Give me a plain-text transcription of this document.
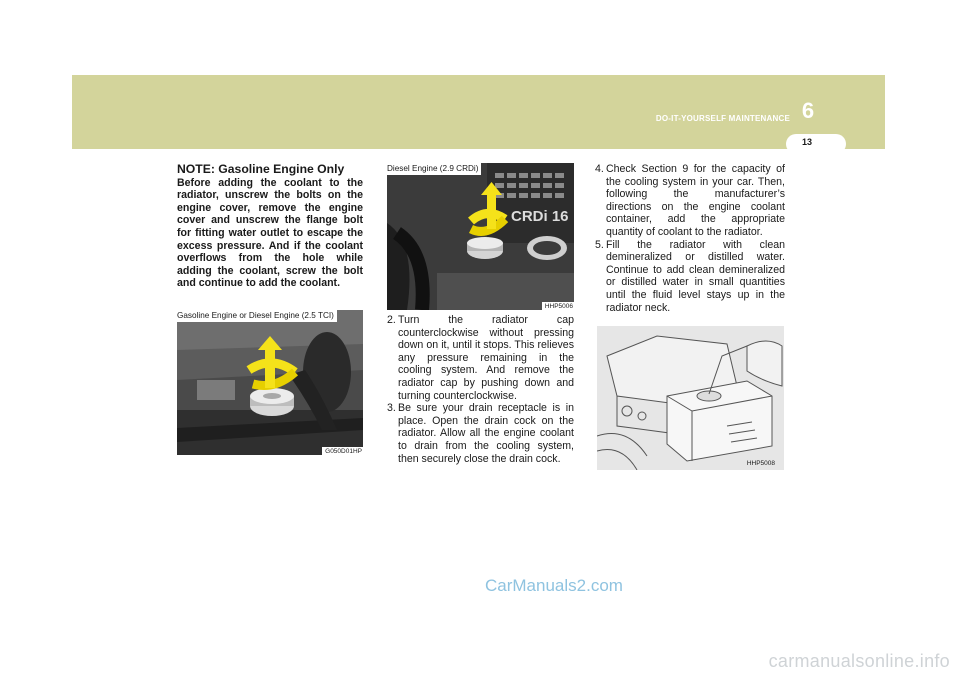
DO-IT-YOURSELF MAINTENANCE 6
13
NOTE: Gasoline Engine Only
Before adding the coolant to the radiator, unscrew the bolts on the engine cover, remove the engine cover and unscrew the flange bolt for fitting water outlet to escape the excess pressure. And if the coolant overflows from the hole while adding the coolant, screw the bolt and continue to add the coolant.
Gasoline Engine or Diesel Engine (2.5 TCI)
G050D01HP
CRDi 16
Diesel Engine (2.9 CRDi)
HHP5006
2. Turn the radiator cap counterclockwise without pressing down on it, until it stops. This relieves any pressure remaining in the cooling system. And remove the radiator cap by pushing down and turning counterclockwise.
3. Be sure your drain receptacle is in place. Open the drain cock on the radiator. Allow all the engine coolant to drain from the cooling system, then securely close the drain cock.
4. Check Section 9 for the capacity of the cooling system in your car. Then, following the manufacturer’s directions on the engine coolant container, add the appropriate quantity of coolant to the radiator.
5. Fill the radiator with clean demineralized or distilled water. Continue to add clean demineralized or distilled water in small quantities until the fluid level stays up in the radiator neck.
HHP5008
CarManuals2.com
carmanualsonline.info
